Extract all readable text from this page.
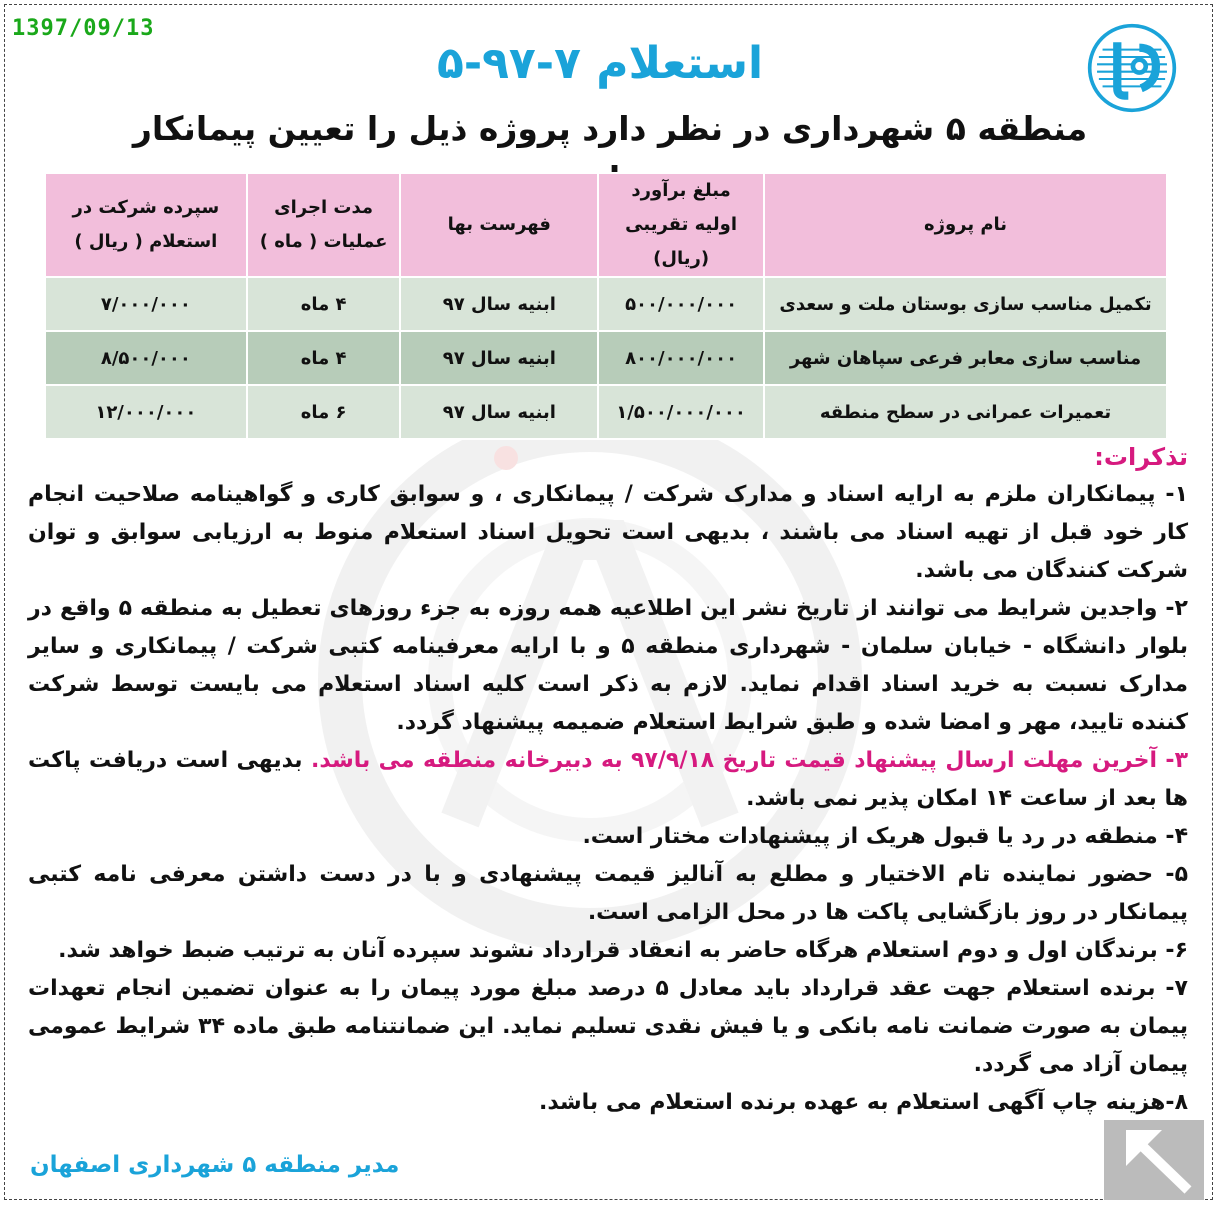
1397/09/13
استعلام ۷-۹۷-۵
منطقه ۵ شهرداری در نظر دارد پروژه ذیل را تعیین پیمانکار
نام پروژه	مبلغ برآورد اولیه تقریبی (ریال)	فهرست بها	مدت اجرای عملیات ( ماه )	سپرده شرکت در استعلام ( ریال )
تکمیل مناسب سازی بوستان ملت و سعدی	۵۰۰/۰۰۰/۰۰۰	ابنیه سال ۹۷	۴ ماه	۷/۰۰۰/۰۰۰
مناسب سازی معابر فرعی سپاهان شهر	۸۰۰/۰۰۰/۰۰۰	ابنیه سال ۹۷	۴ ماه	۸/۵۰۰/۰۰۰
تعمیرات عمرانی در سطح منطقه	۱/۵۰۰/۰۰۰/۰۰۰	ابنیه سال ۹۷	۶ ماه	۱۲/۰۰۰/۰۰۰

تذکرات:

۱- پیمانکاران ملزم به ارایه اسناد و مدارک شرکت / پیمانکاری ، و سوابق کاری و گواهینامه صلاحیت انجام کار خود قبل از تهیه اسناد می باشند ، بدیهی است تحویل اسناد استعلام منوط به ارزیابی سوابق و توان شرکت کنندگان می باشد.

۲- واجدین شرایط می توانند از تاریخ نشر این اطلاعیه همه روزه به جزء روزهای تعطیل به منطقه ۵ واقع در بلوار دانشگاه - خیابان سلمان - شهرداری منطقه ۵ و با ارایه معرفینامه کتبی شرکت / پیمانکاری و سایر مدارک نسبت به خرید اسناد اقدام نماید. لازم به ذکر است کلیه اسناد استعلام می بایست توسط شرکت کننده تایید، مهر و امضا شده و طبق شرایط استعلام ضمیمه پیشنهاد گردد.

۳- آخرین مهلت ارسال پیشنهاد قیمت تاریخ ۹۷/۹/۱۸ به دبیرخانه منطقه می باشد. بدیهی است دریافت پاکت ها بعد از ساعت ۱۴ امکان پذیر نمی باشد.

۴- منطقه در رد یا قبول هریک از پیشنهادات مختار است.

۵- حضور نماینده تام الاختیار و مطلع به آنالیز قیمت پیشنهادی و با در دست داشتن معرفی نامه کتبی پیمانکار در روز بازگشایی پاکت ها در محل الزامی است.

۶- برندگان اول و دوم استعلام هرگاه حاضر به انعقاد قرارداد نشوند سپرده آنان به ترتیب ضبط خواهد شد.

۷- برنده استعلام جهت عقد قرارداد باید معادل ۵ درصد مبلغ مورد پیمان را به عنوان تضمین انجام تعهدات پیمان به صورت ضمانت نامه بانکی و یا فیش نقدی تسلیم نماید. این ضمانتنامه طبق ماده ۳۴ شرایط عمومی پیمان آزاد می گردد.

۸-هزینه چاپ آگهی استعلام به عهده برنده استعلام می باشد.

مدیر منطقه ۵ شهرداری اصفهان
